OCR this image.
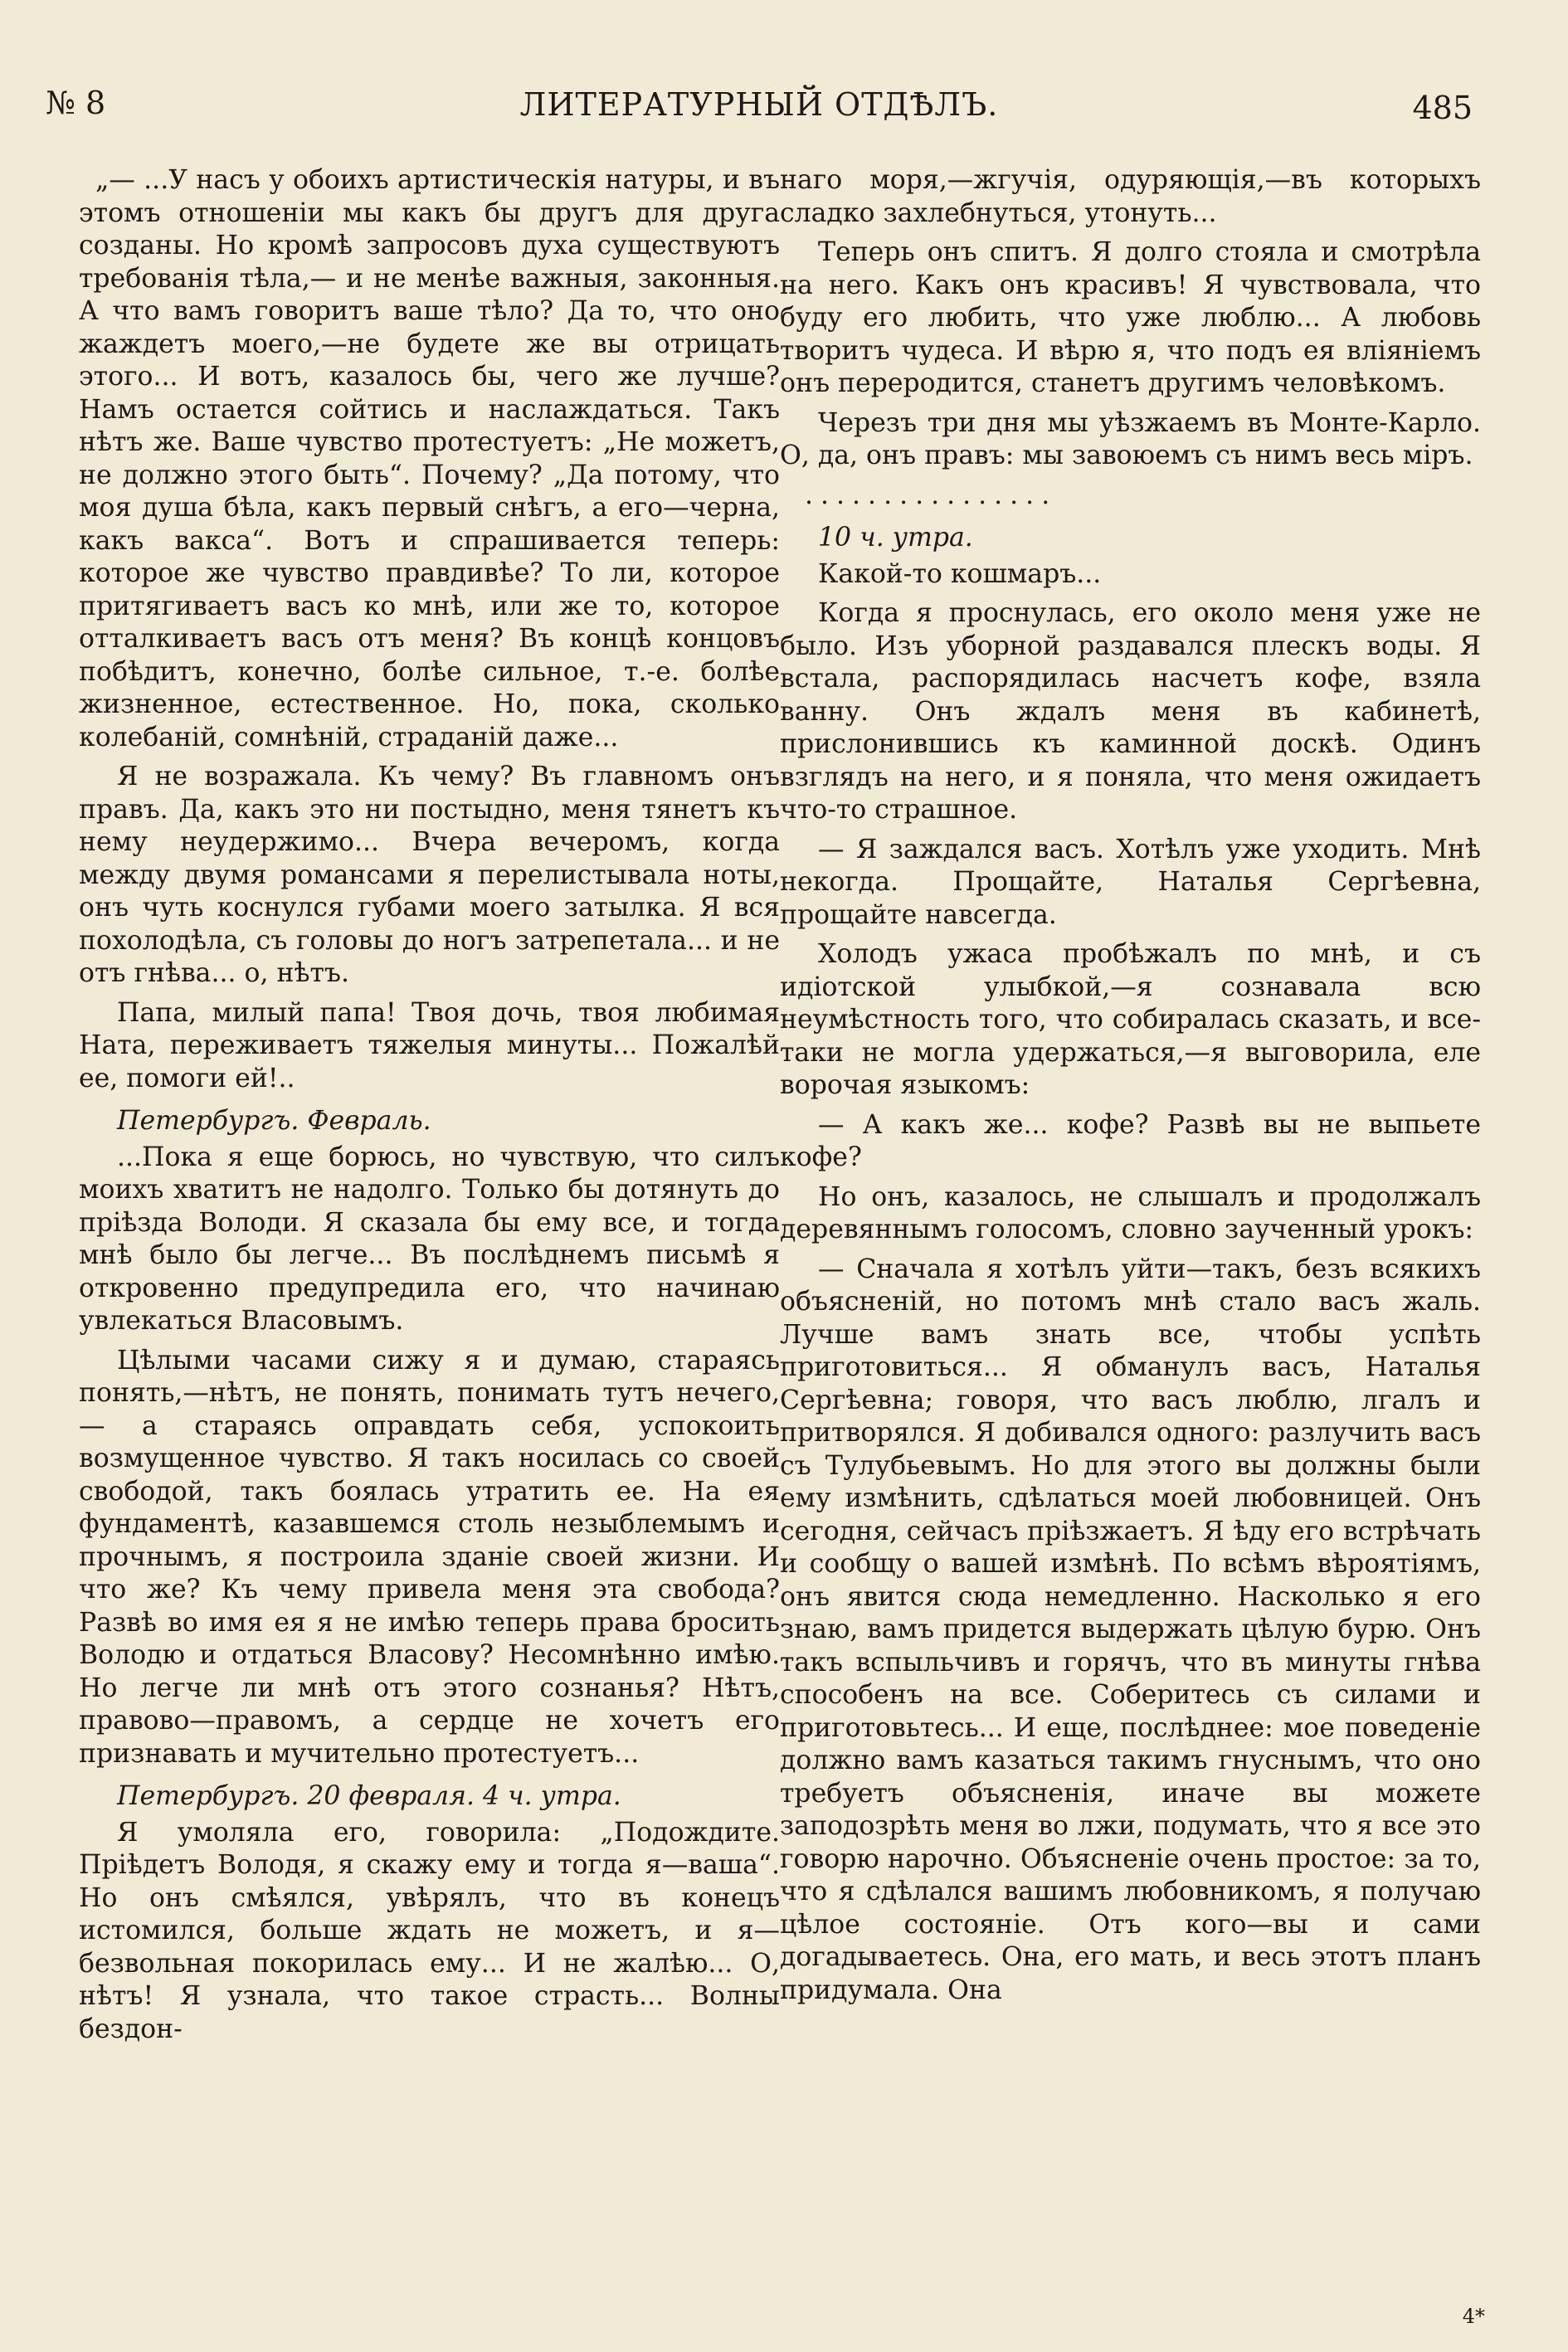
№ 8	ЛИТЕРАТУРНЫЙ ОТДѢЛЪ.	485

„— ...У насъ у обоихъ артистическія натуры, и въ этомъ отношеніи мы какъ бы другъ для друга созданы. Но кромѣ запросовъ духа существуютъ требованія тѣла,— и не менѣе важныя, законныя. А что вамъ говоритъ ваше тѣло? Да то, что оно жаждетъ моего,—не будете же вы отрицать этого... И вотъ, казалось бы, чего же лучше? Намъ остается сойтись и наслаждаться. Такъ нѣтъ же. Ваше чувство протестуетъ: „Не можетъ, не должно этого быть“. Почему? „Да потому, что моя душа бѣла, какъ первый снѣгъ, а его—черна, какъ вакса“. Вотъ и спрашивается теперь: которое же чувство правдивѣе? То ли, которое притягиваетъ васъ ко мнѣ, или же то, которое отталкиваетъ васъ отъ меня? Въ концѣ концовъ побѣдитъ, конечно, болѣе сильное, т.-е. болѣе жизненное, естественное. Но, пока, сколько колебаній, сомнѣній, страданій даже...

Я не возражала. Къ чему? Въ главномъ онъ правъ. Да, какъ это ни постыдно, меня тянетъ къ нему неудержимо... Вчера вечеромъ, когда между двумя романсами я перелистывала ноты, онъ чуть коснулся губами моего затылка. Я вся похолодѣла, съ головы до ногъ затрепетала... и не отъ гнѣва... о, нѣтъ.

Папа, милый папа! Твоя дочь, твоя любимая Ната, переживаетъ тяжелыя минуты... Пожалѣй ее, помоги ей!..

Петербургъ. Февраль.

...Пока я еще борюсь, но чувствую, что силъ моихъ хватитъ не надолго. Только бы дотянуть до пріѣзда Володи. Я сказала бы ему все, и тогда мнѣ было бы легче... Въ послѣднемъ письмѣ я откровенно предупредила его, что начинаю увлекаться Власовымъ.

Цѣлыми часами сижу я и думаю, стараясь понять,—нѣтъ, не понять, понимать тутъ нечего,— а стараясь оправдать себя, успокоить возмущенное чувство. Я такъ носилась со своей свободой, такъ боялась утратить ее. На ея фундаментѣ, казавшемся столь незыблемымъ и прочнымъ, я построила зданіе своей жизни. И что же? Къ чему привела меня эта свобода? Развѣ во имя ея я не имѣю теперь права бросить Володю и отдаться Власову? Несомнѣнно имѣю. Но легче ли мнѣ отъ этого сознанья? Нѣтъ, правово—правомъ, а сердце не хочетъ его признавать и мучительно протестуетъ...

Петербургъ. 20 февраля. 4 ч. утра.

Я умоляла его, говорила: „Подождите. Пріѣдетъ Володя, я скажу ему и тогда я—ваша“. Но онъ смѣялся, увѣрялъ, что въ конецъ истомился, больше ждать не можетъ, и я—безвольная покорилась ему... И не жалѣю... О, нѣтъ! Я узнала, что такое страсть... Волны бездон-

наго моря,—жгучія, одуряющія,—въ которыхъ сладко захлебнуться, утонуть...

Теперь онъ спитъ. Я долго стояла и смотрѣла на него. Какъ онъ красивъ! Я чувствовала, что буду его любить, что уже люблю... А любовь творитъ чудеса. И вѣрю я, что подъ ея вліяніемъ онъ переродится, станетъ другимъ человѣкомъ.

Черезъ три дня мы уѣзжаемъ въ Монте-Карло. О, да, онъ правъ: мы завоюемъ съ нимъ весь міръ.

................

10 ч. утра.

Какой-то кошмаръ...

Когда я проснулась, его около меня уже не было. Изъ уборной раздавался плескъ воды. Я встала, распорядилась насчетъ кофе, взяла ванну. Онъ ждалъ меня въ кабинетѣ, прислонившись къ каминной доскѣ. Одинъ взглядъ на него, и я поняла, что меня ожидаетъ что-то страшное.

— Я заждался васъ. Хотѣлъ уже уходить. Мнѣ некогда. Прощайте, Наталья Сергѣевна, прощайте навсегда.

Холодъ ужаса пробѣжалъ по мнѣ, и съ идіотской улыбкой,—я сознавала всю неумѣстность того, что собиралась сказать, и все-таки не могла удержаться,—я выговорила, еле ворочая языкомъ:

— А какъ же... кофе? Развѣ вы не выпьете кофе?

Но онъ, казалось, не слышалъ и продолжалъ деревяннымъ голосомъ, словно заученный урокъ:

— Сначала я хотѣлъ уйти—такъ, безъ всякихъ объясненій, но потомъ мнѣ стало васъ жаль. Лучше вамъ знать все, чтобы успѣть приготовиться... Я обманулъ васъ, Наталья Сергѣевна; говоря, что васъ люблю, лгалъ и притворялся. Я добивался одного: разлучить васъ съ Тулубьевымъ. Но для этого вы должны были ему измѣнить, сдѣлаться моей любовницей. Онъ сегодня, сейчасъ пріѣзжаетъ. Я ѣду его встрѣчать и сообщу о вашей измѣнѣ. По всѣмъ вѣроятіямъ, онъ явится сюда немедленно. Насколько я его знаю, вамъ придется выдержать цѣлую бурю. Онъ такъ вспыльчивъ и горячъ, что въ минуты гнѣва способенъ на все. Соберитесь съ силами и приготовьтесь... И еще, послѣднее: мое поведеніе должно вамъ казаться такимъ гнуснымъ, что оно требуетъ объясненія, иначе вы можете заподозрѣть меня во лжи, подумать, что я все это говорю нарочно. Объясненіе очень простое: за то, что я сдѣлался вашимъ любовникомъ, я получаю цѣлое состояніе. Отъ кого—вы и сами догадываетесь. Она, его мать, и весь этотъ планъ придумала. Она

4*
